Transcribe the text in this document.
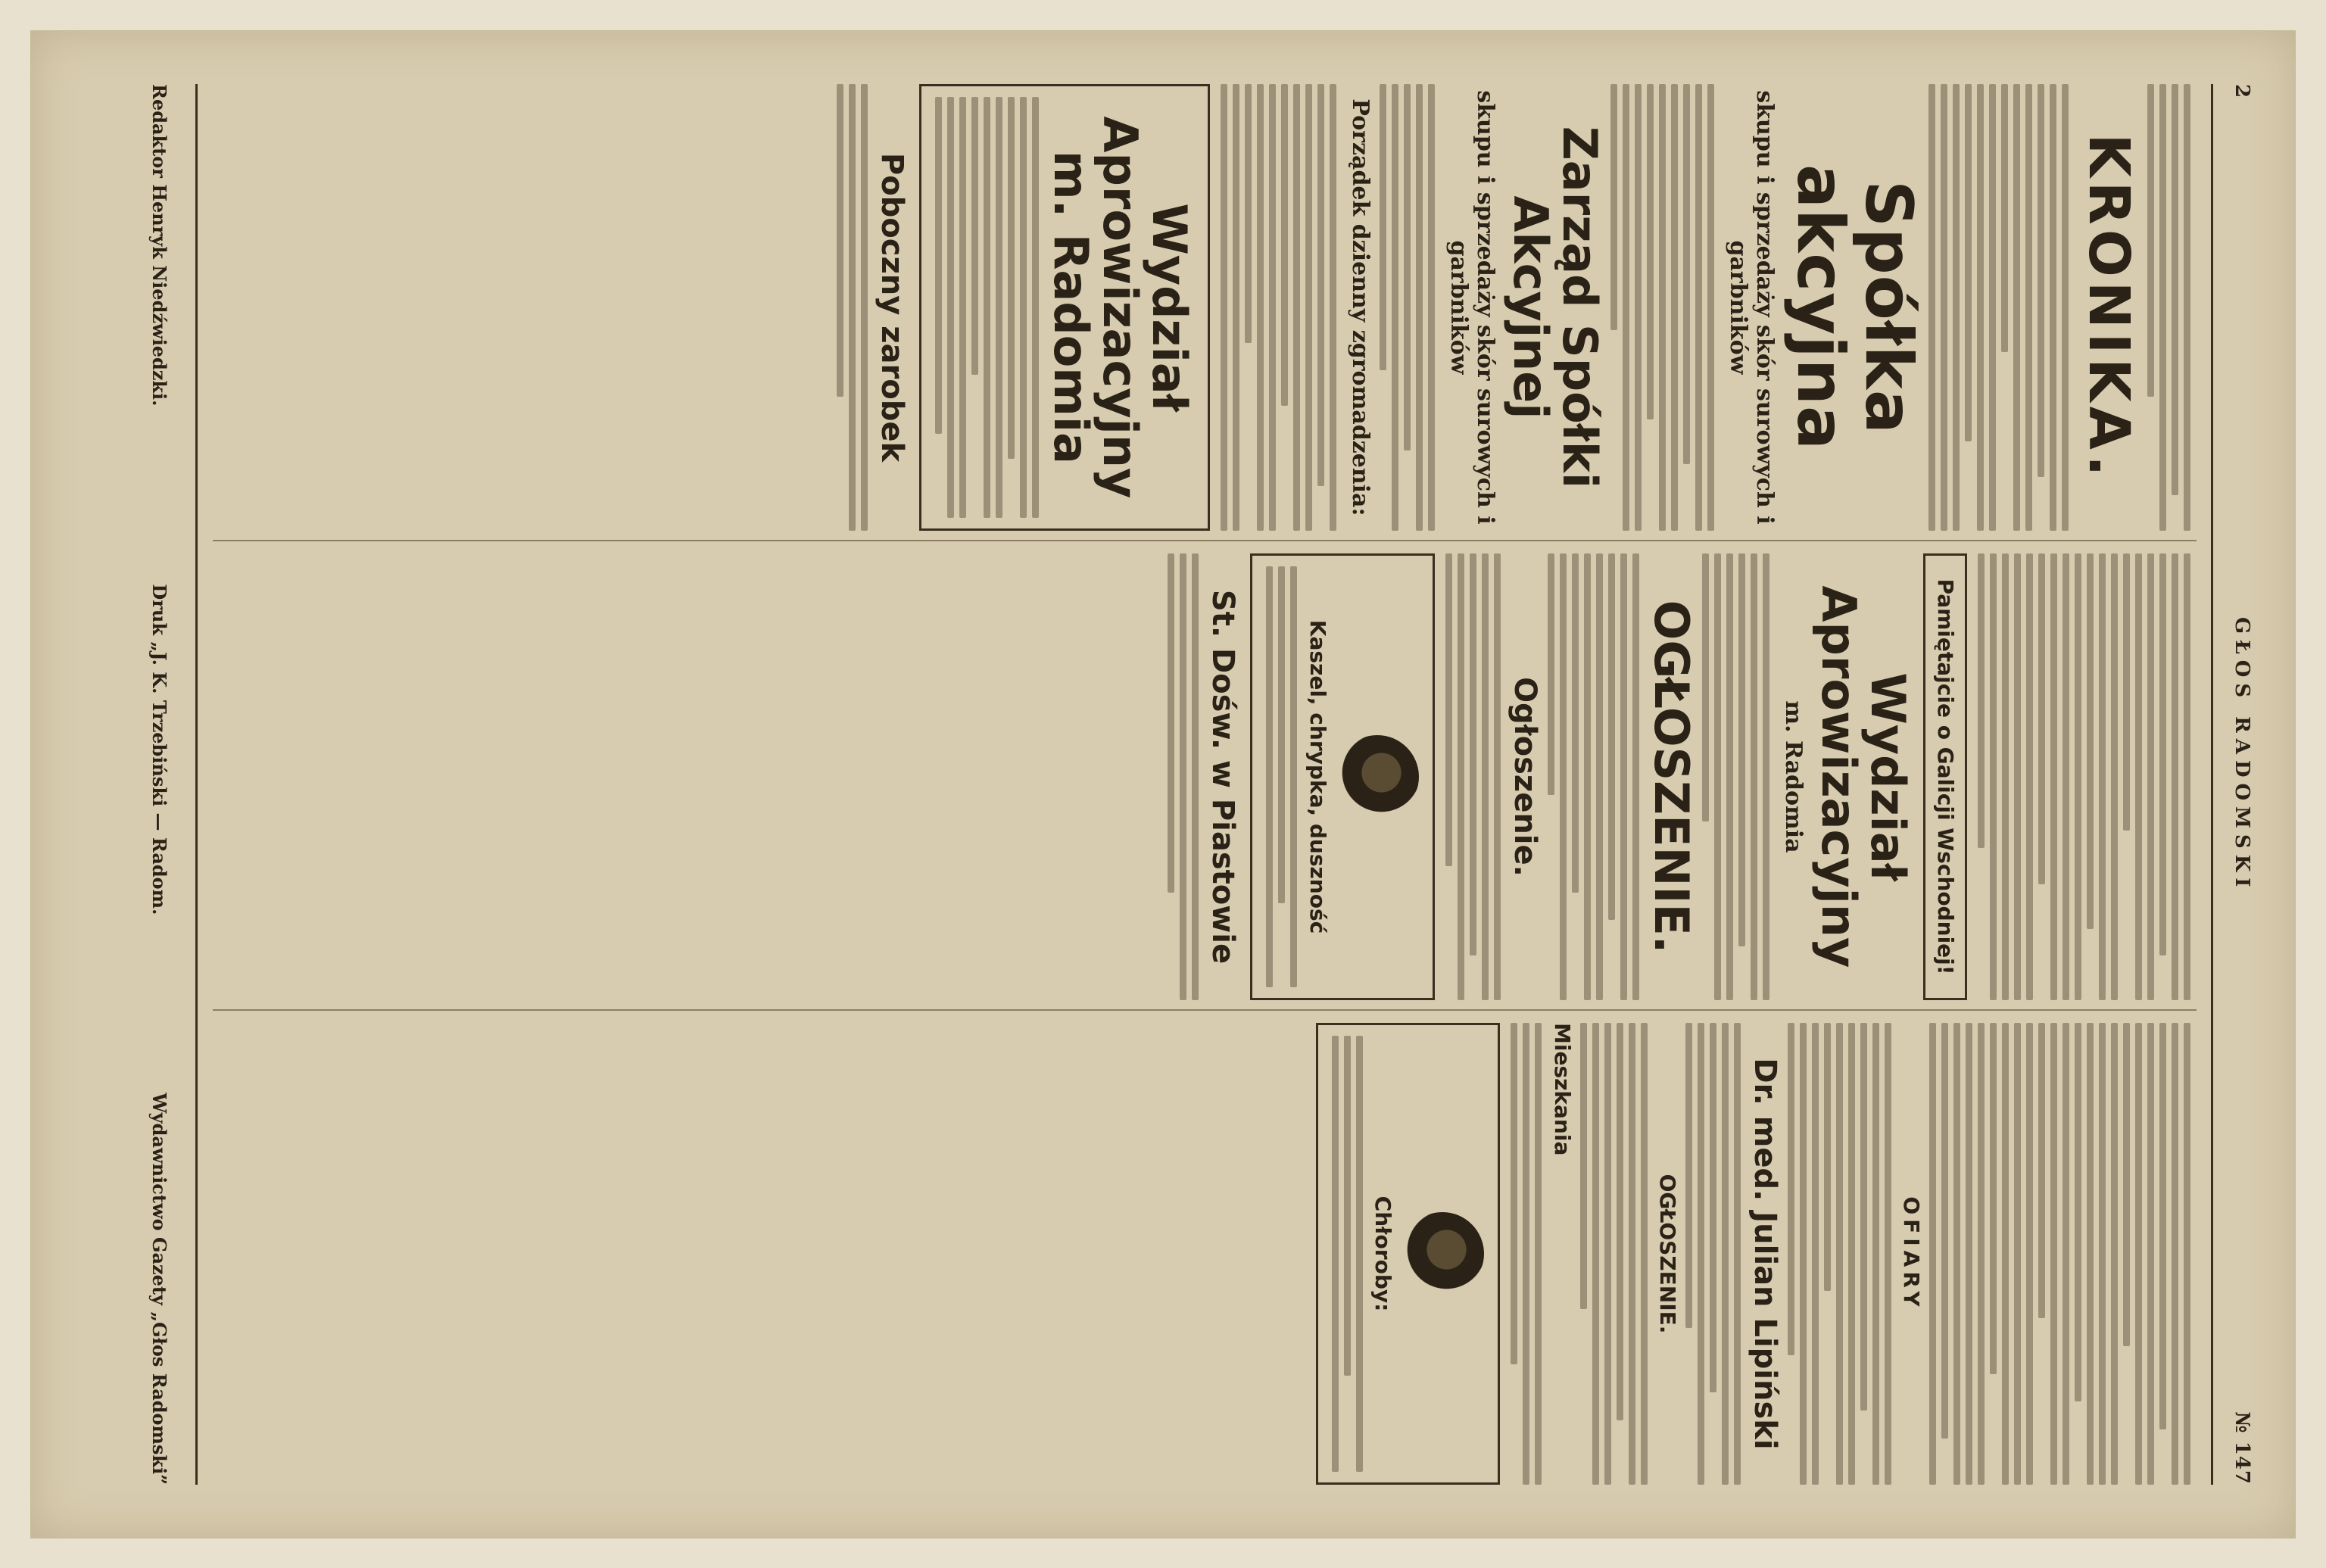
2
GŁOS RADOMSKI
№ 147
KRONIKA.
Spółka akcyjna
skupu i sprzedaży skór surowych i garbników
Zarząd Spółki Akcyjnej
skupu i sprzedaży skór surowych i garbników
Porządek dzienny zgromadzenia:
Wydział Aprowizacyjny m. Radomia
Poboczny zarobek
Pamiętajcie o Galicji Wschodniej!
Wydział Aprowizacyjny
m. Radomia
OGŁOSZENIE.
Ogłoszenie.
Kaszel, chrypka, duszność
St. Dośw. w Piastowie
OFIARY
Dr. med. Julian Lipiński
OGŁOSZENIE.
Mieszkania
Chłoroby:
Redaktor Henryk Niedźwiedzki.
Druk „J. K. Trzebiński — Radom.
Wydawnictwo Gazety „Głos Radomski”
